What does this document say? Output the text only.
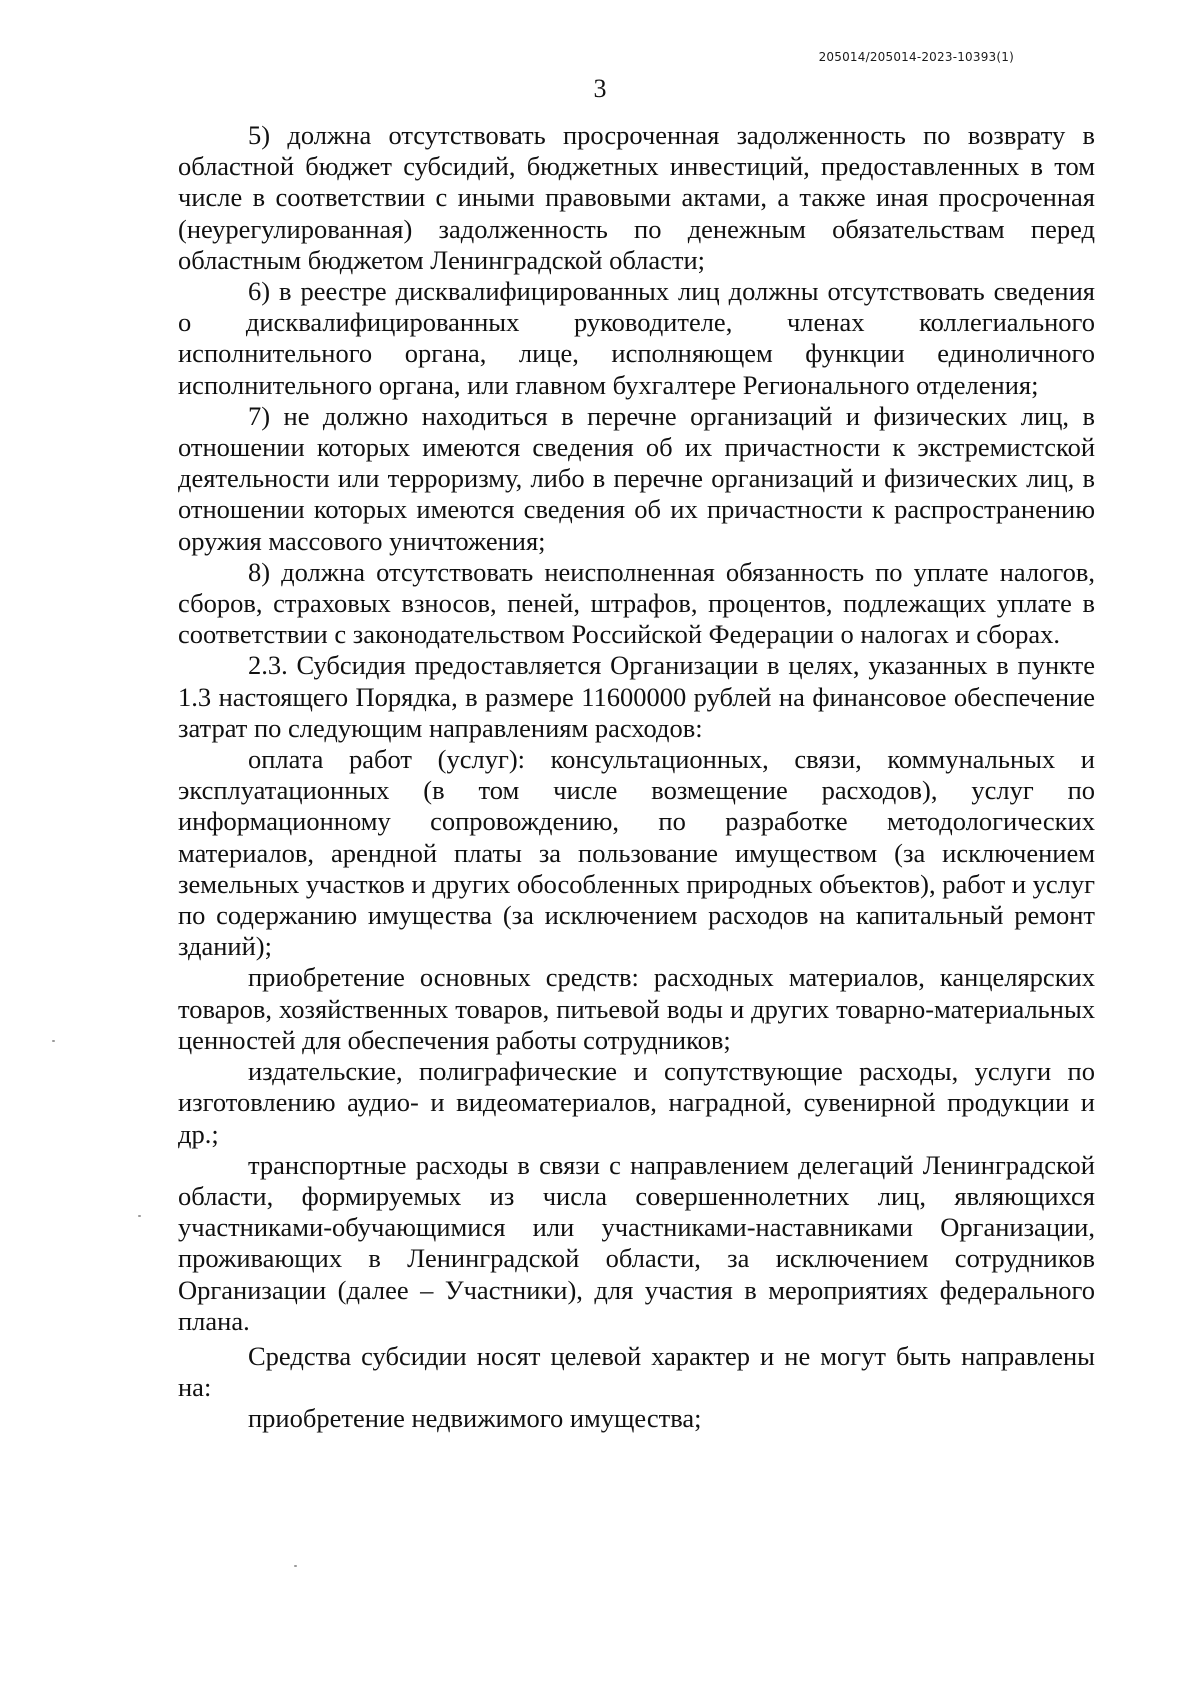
205014/205014-2023-10393(1)
3

5) должна отсутствовать просроченная задолженность по возврату в областной бюджет субсидий, бюджетных инвестиций, предоставленных в том числе в соответствии с иными правовыми актами, а также иная просроченная (неурегулированная) задолженность по денежным обязательствам перед областным бюджетом Ленинградской области;

6) в реестре дисквалифицированных лиц должны отсутствовать сведения о дисквалифицированных руководителе, членах коллегиального исполнительного органа, лице, исполняющем функции единоличного исполнительного органа, или главном бухгалтере Регионального отделения;

7) не должно находиться в перечне организаций и физических лиц, в отношении которых имеются сведения об их причастности к экстремистской деятельности или терроризму, либо в перечне организаций и физических лиц, в отношении которых имеются сведения об их причастности к распространению оружия массового уничтожения;

8) должна отсутствовать неисполненная обязанность по уплате налогов, сборов, страховых взносов, пеней, штрафов, процентов, подлежащих уплате в соответствии с законодательством Российской Федерации о налогах и сборах.

2.3. Субсидия предоставляется Организации в целях, указанных в пункте 1.3 настоящего Порядка, в размере 11600000 рублей на финансовое обеспечение затрат по следующим направлениям расходов:

оплата работ (услуг): консультационных, связи, коммунальных и эксплуатационных (в том числе возмещение расходов), услуг по информационному сопровождению, по разработке методологических материалов, арендной платы за пользование имуществом (за исключением земельных участков и других обособленных природных объектов), работ и услуг по содержанию имущества (за исключением расходов на капитальный ремонт зданий);

приобретение основных средств: расходных материалов, канцелярских товаров, хозяйственных товаров, питьевой воды и других товарно-материальных ценностей для обеспечения работы сотрудников;

издательские, полиграфические и сопутствующие расходы, услуги по изготовлению аудио- и видеоматериалов, наградной, сувенирной продукции и др.;

транспортные расходы в связи с направлением делегаций Ленинградской области, формируемых из числа совершеннолетних лиц, являющихся участниками-обучающимися или участниками-наставниками Организации, проживающих в Ленинградской области, за исключением сотрудников Организации (далее – Участники), для участия в мероприятиях федерального плана.

Средства субсидии носят целевой характер и не могут быть направлены на:

приобретение недвижимого имущества;
